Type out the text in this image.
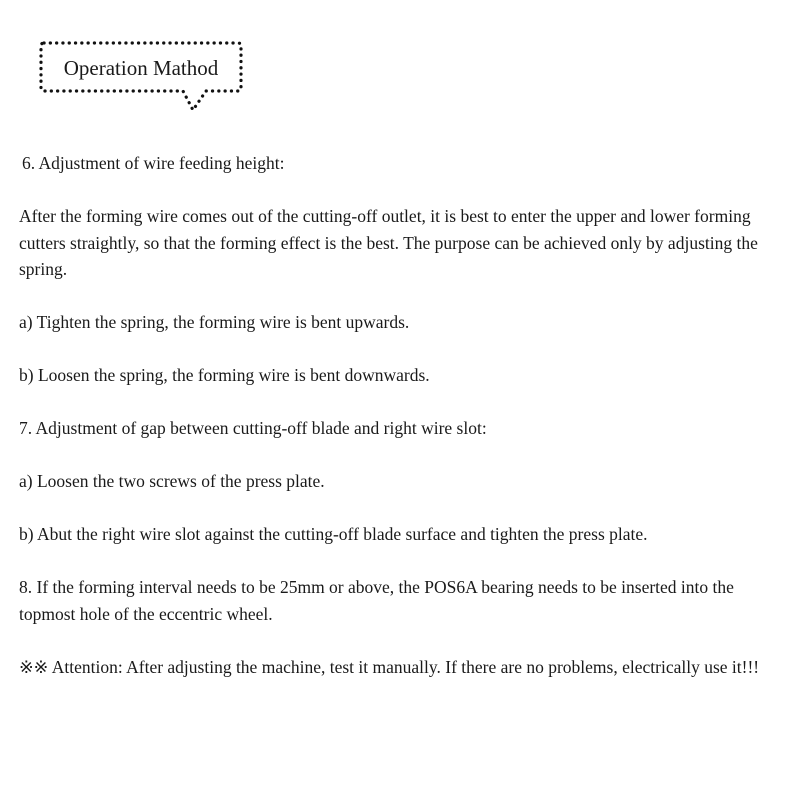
Operation Mathod

6. Adjustment of wire feeding height:

After the forming wire comes out of the cutting-off outlet, it is best to enter the upper and lower forming cutters straightly, so that the forming effect is the best. The purpose can be achieved only by adjusting the spring.

a) Tighten the spring, the forming wire is bent upwards.

b) Loosen the spring, the forming wire is bent downwards.

7. Adjustment of gap between cutting-off blade and right wire slot:

a) Loosen the two screws of the press plate.

b) Abut the right wire slot against the cutting-off blade surface and tighten the press plate.

8. If the forming interval needs to be 25mm or above, the POS6A bearing needs to be inserted into the topmost hole of the eccentric wheel.

※※ Attention: After adjusting the machine, test it manually. If there are no problems, electrically use it!!!
